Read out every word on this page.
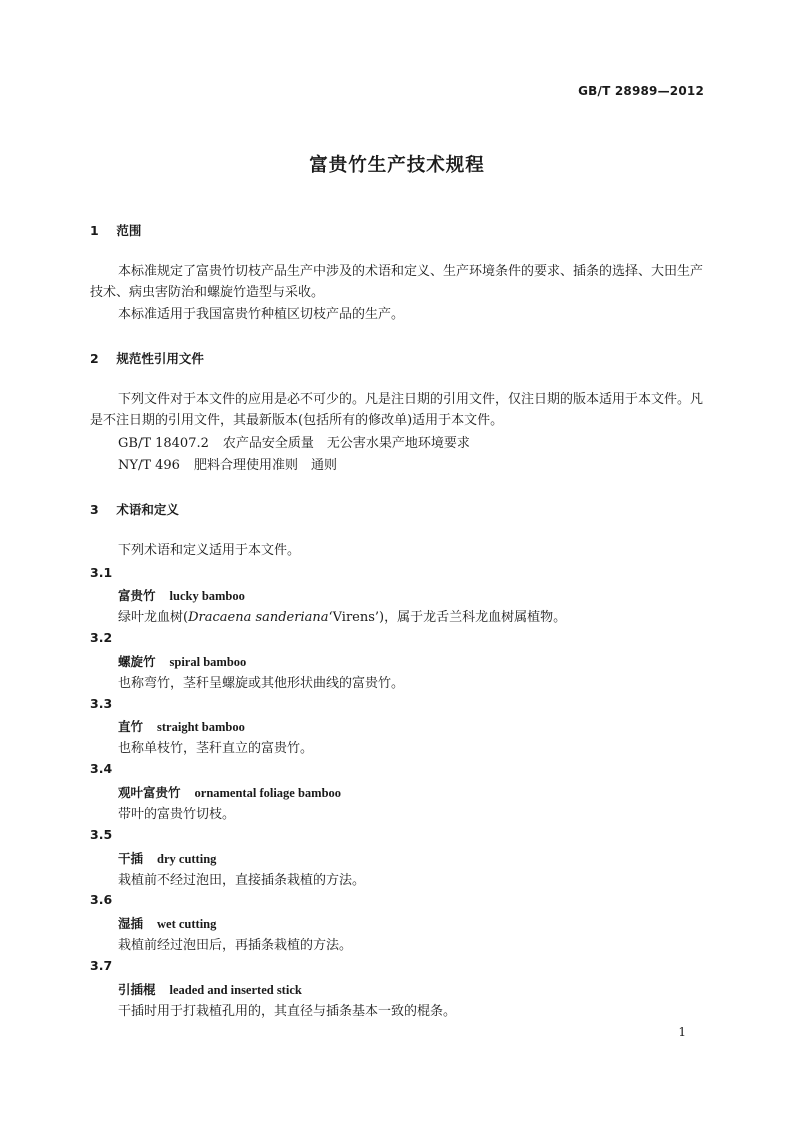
GB/T 28989—2012
富贵竹生产技术规程
1 范围
本标准规定了富贵竹切枝产品生产中涉及的术语和定义、生产环境条件的要求、插条的选择、大田生产技术、病虫害防治和螺旋竹造型与采收。
本标准适用于我国富贵竹种植区切枝产品的生产。
2 规范性引用文件
下列文件对于本文件的应用是必不可少的。凡是注日期的引用文件，仅注日期的版本适用于本文件。凡是不注日期的引用文件，其最新版本(包括所有的修改单)适用于本文件。
GB/T 18407.2 农产品安全质量　无公害水果产地环境要求
NY/T 496 肥料合理使用准则　通则
3 术语和定义
下列术语和定义适用于本文件。
3.1
富贵竹 lucky bamboo
绿叶龙血树(Dracaena sanderiana‘Virens’)，属于龙舌兰科龙血树属植物。
3.2
螺旋竹 spiral bamboo
也称弯竹，茎秆呈螺旋或其他形状曲线的富贵竹。
3.3
直竹 straight bamboo
也称单枝竹，茎秆直立的富贵竹。
3.4
观叶富贵竹 ornamental foliage bamboo
带叶的富贵竹切枝。
3.5
干插 dry cutting
栽植前不经过泡田，直接插条栽植的方法。
3.6
湿插 wet cutting
栽植前经过泡田后，再插条栽植的方法。
3.7
引插棍 leaded and inserted stick
干插时用于打栽植孔用的，其直径与插条基本一致的棍条。
1
